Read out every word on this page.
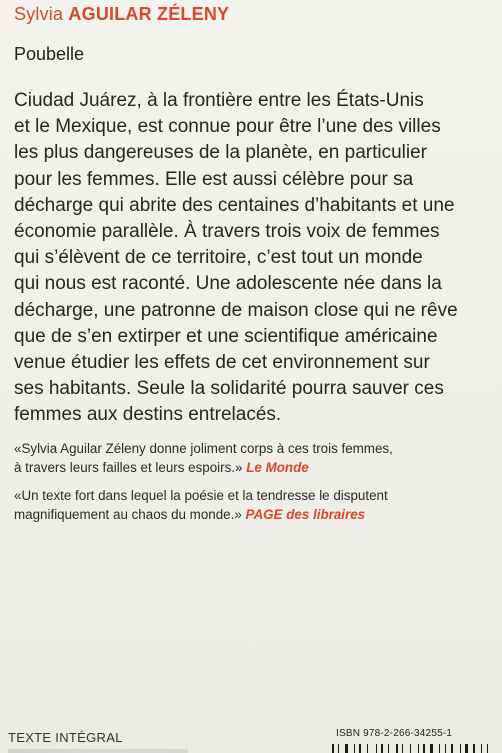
Sylvia AGUILAR ZÉLENY
Poubelle
Ciudad Juárez, à la frontière entre les États-Unis
et le Mexique, est connue pour être l’une des villes
les plus dangereuses de la planète, en particulier
pour les femmes. Elle est aussi célèbre pour sa
décharge qui abrite des centaines d’habitants et une
économie parallèle. À travers trois voix de femmes
qui s’élèvent de ce territoire, c’est tout un monde
qui nous est raconté. Une adolescente née dans la
décharge, une patronne de maison close qui ne rêve
que de s’en extirper et une scientifique américaine
venue étudier les effets de cet environnement sur
ses habitants. Seule la solidarité pourra sauver ces
femmes aux destins entrelacés.
«Sylvia Aguilar Zéleny donne joliment corps à ces trois femmes,
à travers leurs failles et leurs espoirs.» Le Monde
«Un texte fort dans lequel la poésie et la tendresse le disputent
magnifiquement au chaos du monde.» PAGE des libraires
TEXTE INTÉGRAL	ISBN 978-2-266-34255-1
